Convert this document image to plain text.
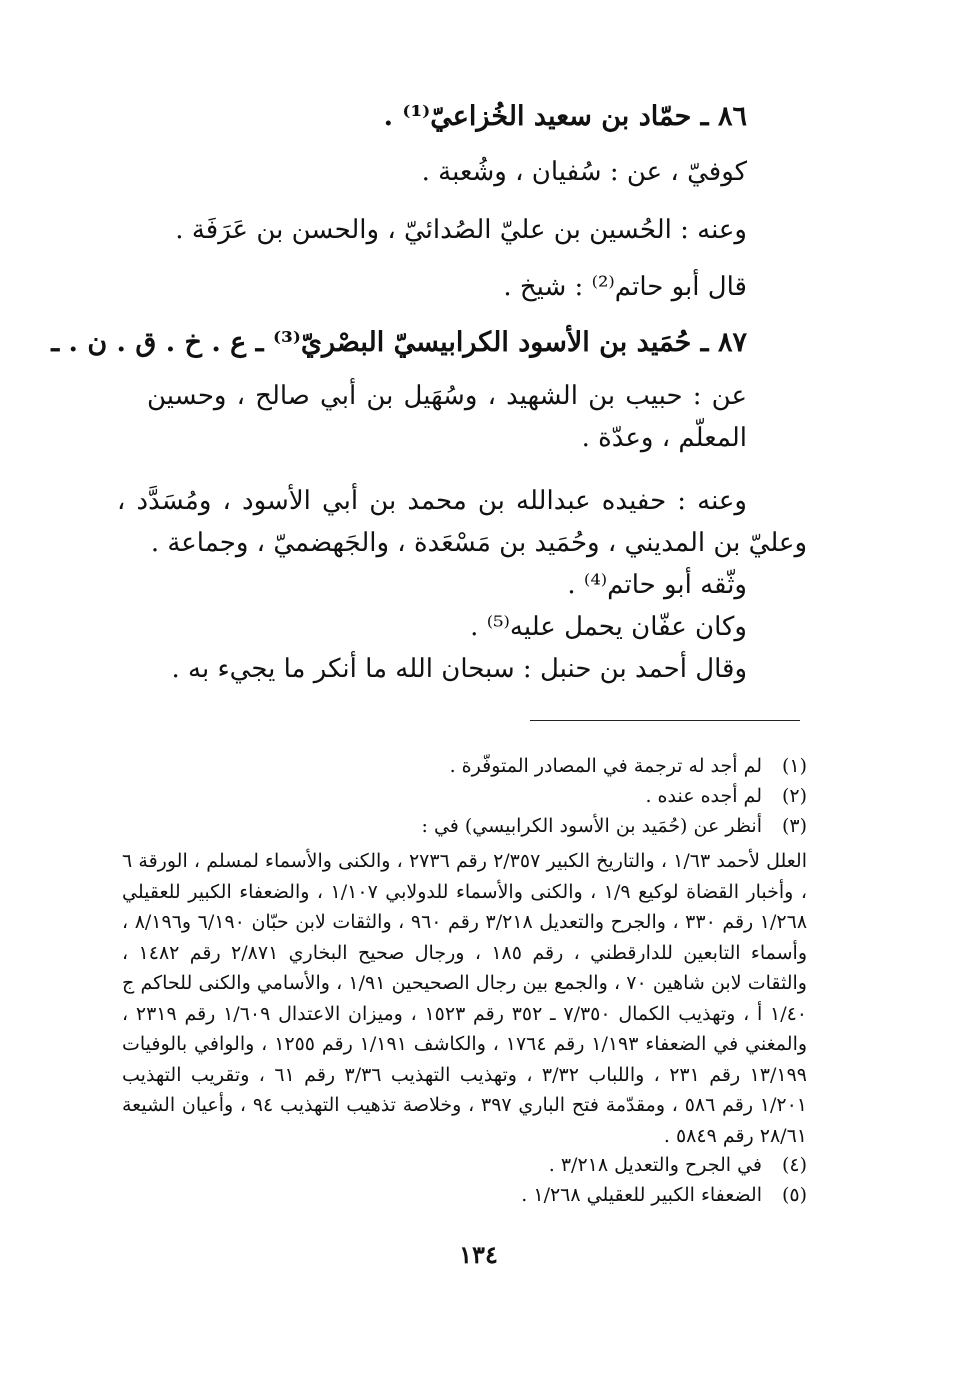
٨٦ ـ حمّاد بن سعيد الخُزاعيّ⁽¹⁾ .
كوفيّ ، عن : سُفيان ، وشُعبة .
وعنه : الحُسين بن عليّ الصُدائيّ ، والحسن بن عَرَفَة .
قال أبو حاتم⁽²⁾ : شيخ .
٨٧ ـ حُمَيد بن الأسود الكرابيسيّ البصْريّ⁽³⁾ ـ ع . خ . ق . ن . ـ
عن : حبيب بن الشهيد ، وسُهَيل بن أبي صالح ، وحسين المعلّم ، وعدّة .
وعنه : حفيده عبدالله بن محمد بن أبي الأسود ، ومُسَدَّد ، وعليّ بن المديني ، وحُمَيد بن مَسْعَدة ، والجَهضميّ ، وجماعة .
وثّقه أبو حاتم⁽⁴⁾ .
وكان عفّان يحمل عليه⁽⁵⁾ .
وقال أحمد بن حنبل : سبحان الله ما أنكر ما يجيء به .
(١)
لم أجد له ترجمة في المصادر المتوفّرة .
(٢)
لم أجده عنده .
(٣)
أنظر عن (حُمَيد بن الأسود الكرابيسي) في :
العلل لأحمد ١/٦٣ ، والتاريخ الكبير ٢/٣٥٧ رقم ٢٧٣٦ ، والكنى والأسماء لمسلم ، الورقة ٦ ، وأخبار القضاة لوكيع ١/٩ ، والكنى والأسماء للدولابي ١/١٠٧ ، والضعفاء الكبير للعقيلي ١/٢٦٨ رقم ٣٣٠ ، والجرح والتعديل ٣/٢١٨ رقم ٩٦٠ ، والثقات لابن حبّان ٦/١٩٠ و٨/١٩٦ ، وأسماء التابعين للدارقطني ، رقم ١٨٥ ، ورجال صحيح البخاري ٢/٨٧١ رقم ١٤٨٢ ، والثقات لابن شاهين ٧٠ ، والجمع بين رجال الصحيحين ١/٩١ ، والأسامي والكنى للحاكم ج ١/٤٠ أ ، وتهذيب الكمال ٧/٣٥٠ ـ ٣٥٢ رقم ١٥٢٣ ، وميزان الاعتدال ١/٦٠٩ رقم ٢٣١٩ ، والمغني في الضعفاء ١/١٩٣ رقم ١٧٦٤ ، والكاشف ١/١٩١ رقم ١٢٥٥ ، والوافي بالوفيات ١٣/١٩٩ رقم ٢٣١ ، واللباب ٣/٣٢ ، وتهذيب التهذيب ٣/٣٦ رقم ٦١ ، وتقريب التهذيب ١/٢٠١ رقم ٥٨٦ ، ومقدّمة فتح الباري ٣٩٧ ، وخلاصة تذهيب التهذيب ٩٤ ، وأعيان الشيعة ٢٨/٦١ رقم ٥٨٤٩ .
(٤)
في الجرح والتعديل ٣/٢١٨ .
(٥)
الضعفاء الكبير للعقيلي ١/٢٦٨ .
١٣٤
